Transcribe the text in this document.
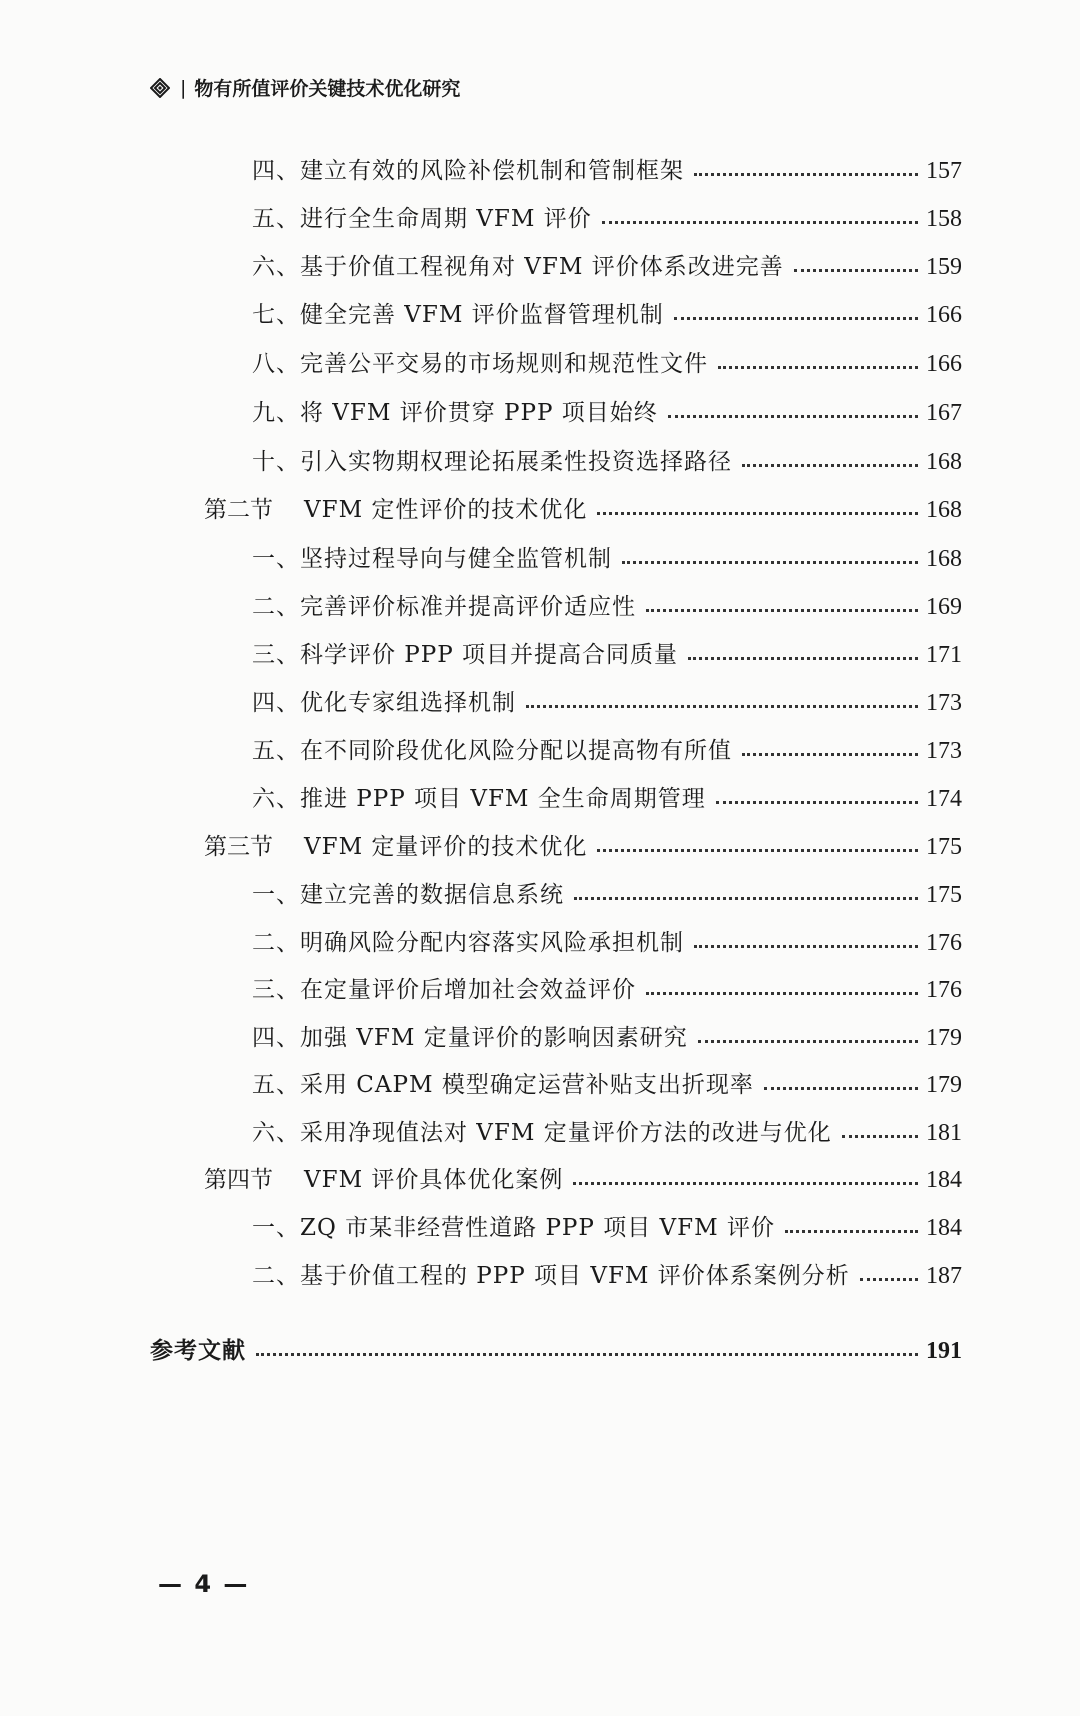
| 物有所值评价关键技术优化研究
四、建立有效的风险补偿机制和管制框架	157
五、进行全生命周期 VFM 评价	158
六、基于价值工程视角对 VFM 评价体系改进完善	159
七、健全完善 VFM 评价监督管理机制	166
八、完善公平交易的市场规则和规范性文件	166
九、将 VFM 评价贯穿 PPP 项目始终	167
十、引入实物期权理论拓展柔性投资选择路径	168
第二节	VFM 定性评价的技术优化	168
一、坚持过程导向与健全监管机制	168
二、完善评价标准并提高评价适应性	169
三、科学评价 PPP 项目并提高合同质量	171
四、优化专家组选择机制	173
五、在不同阶段优化风险分配以提高物有所值	173
六、推进 PPP 项目 VFM 全生命周期管理	174
第三节	VFM 定量评价的技术优化	175
一、建立完善的数据信息系统	175
二、明确风险分配内容落实风险承担机制	176
三、在定量评价后增加社会效益评价	176
四、加强 VFM 定量评价的影响因素研究	179
五、采用 CAPM 模型确定运营补贴支出折现率	179
六、采用净现值法对 VFM 定量评价方法的改进与优化	181
第四节	VFM 评价具体优化案例	184
一、ZQ 市某非经营性道路 PPP 项目 VFM 评价	184
二、基于价值工程的 PPP 项目 VFM 评价体系案例分析	187
参考文献	191
— 4 —
